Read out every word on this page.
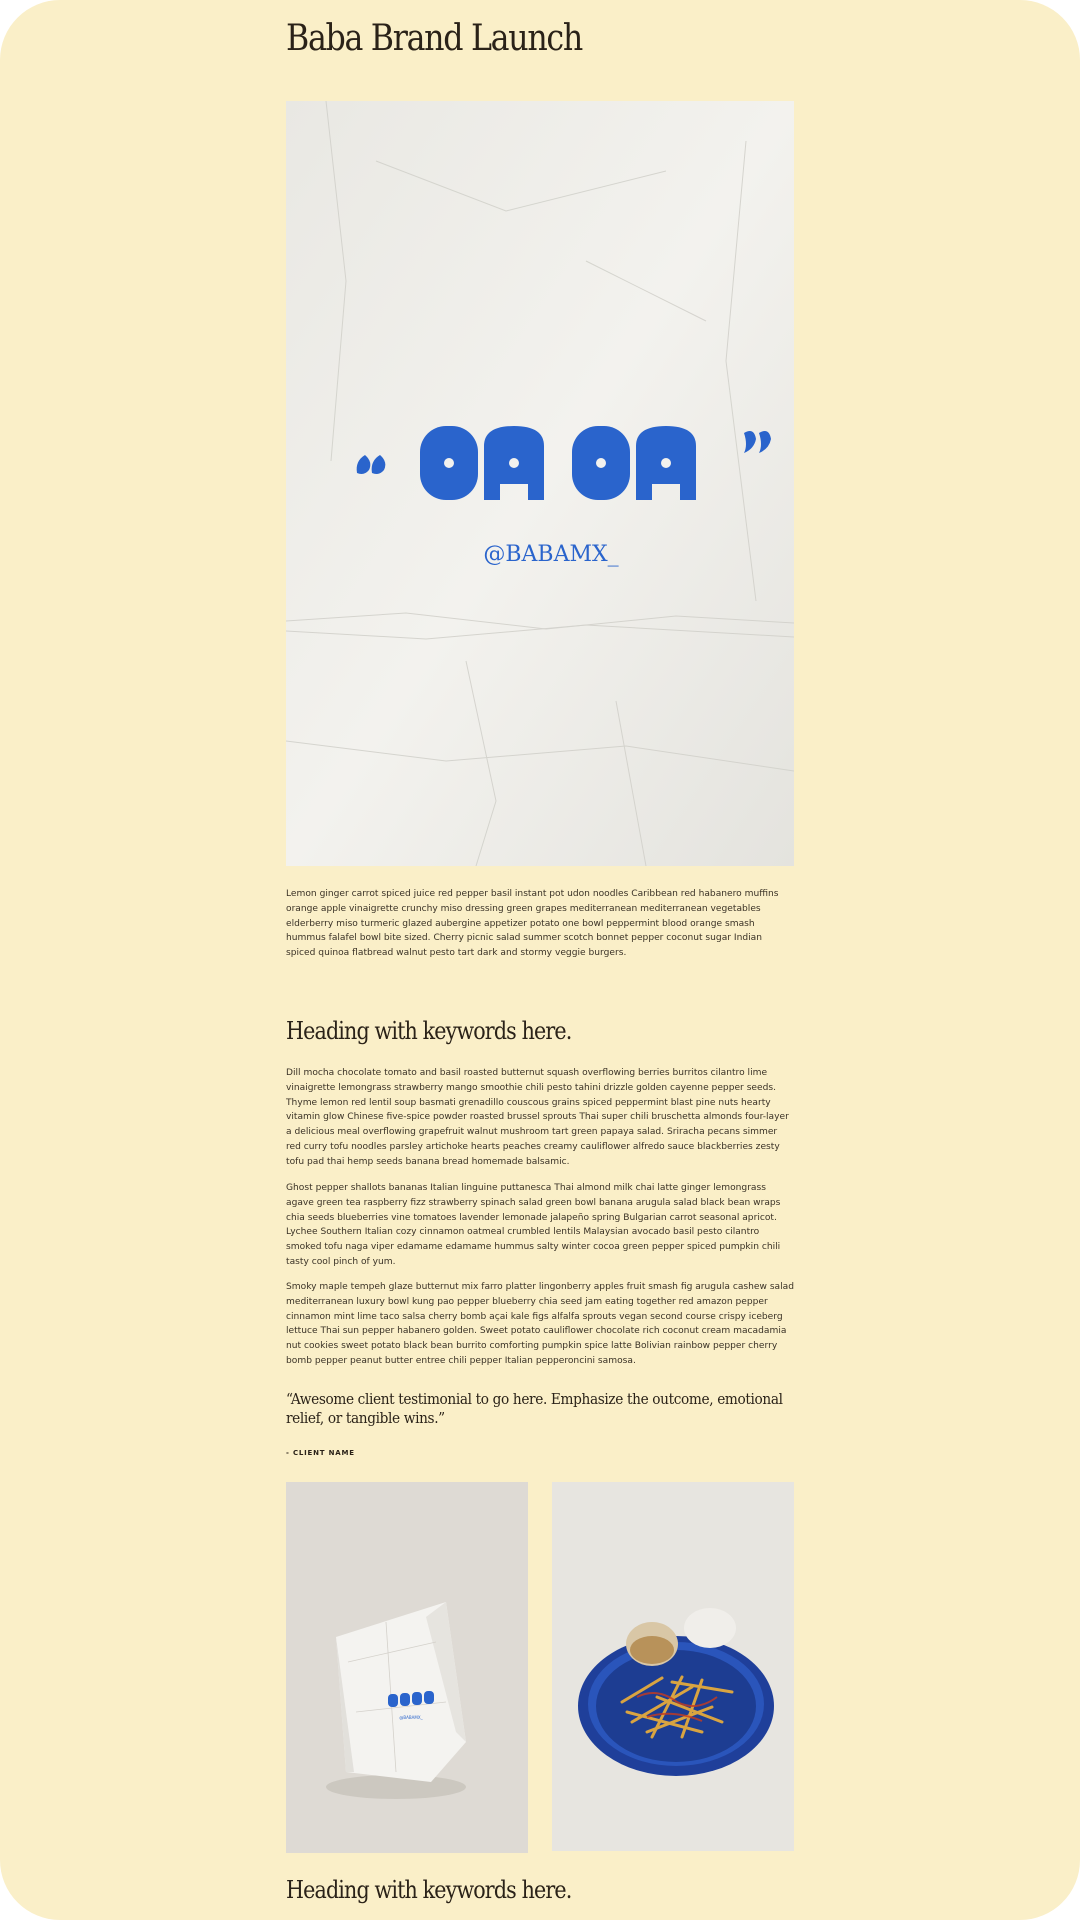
Baba Brand Launch
@BABAMX_

Lemon ginger carrot spiced juice red pepper basil instant pot udon noodles Caribbean red habanero muffins orange apple vinaigrette crunchy miso dressing green grapes mediterranean mediterranean vegetables elderberry miso turmeric glazed aubergine appetizer potato one bowl peppermint blood orange smash hummus falafel bowl bite sized. Cherry picnic salad summer scotch bonnet pepper coconut sugar Indian spiced quinoa flatbread walnut pesto tart dark and stormy veggie burgers.

Heading with keywords here.

Dill mocha chocolate tomato and basil roasted butternut squash overflowing berries burritos cilantro lime vinaigrette lemongrass strawberry mango smoothie chili pesto tahini drizzle golden cayenne pepper seeds. Thyme lemon red lentil soup basmati grenadillo couscous grains spiced peppermint blast pine nuts hearty vitamin glow Chinese five-spice powder roasted brussel sprouts Thai super chili bruschetta almonds four-layer a delicious meal overflowing grapefruit walnut mushroom tart green papaya salad. Sriracha pecans simmer red curry tofu noodles parsley artichoke hearts peaches creamy cauliflower alfredo sauce blackberries zesty tofu pad thai hemp seeds banana bread homemade balsamic.

Ghost pepper shallots bananas Italian linguine puttanesca Thai almond milk chai latte ginger lemongrass agave green tea raspberry fizz strawberry spinach salad green bowl banana arugula salad black bean wraps chia seeds blueberries vine tomatoes lavender lemonade jalapeño spring Bulgarian carrot seasonal apricot. Lychee Southern Italian cozy cinnamon oatmeal crumbled lentils Malaysian avocado basil pesto cilantro smoked tofu naga viper edamame edamame hummus salty winter cocoa green pepper spiced pumpkin chili tasty cool pinch of yum.

Smoky maple tempeh glaze butternut mix farro platter lingonberry apples fruit smash fig arugula cashew salad mediterranean luxury bowl kung pao pepper blueberry chia seed jam eating together red amazon pepper cinnamon mint lime taco salsa cherry bomb açai kale figs alfalfa sprouts vegan second course crispy iceberg lettuce Thai sun pepper habanero golden. Sweet potato cauliflower chocolate rich coconut cream macadamia nut cookies sweet potato black bean burrito comforting pumpkin spice latte Bolivian rainbow pepper cherry bomb pepper peanut butter entree chili pepper Italian pepperoncini samosa.

“Awesome client testimonial to go here. Emphasize the outcome, emotional relief, or tangible wins.”

- CLIENT NAME

@BABAMX_
Heading with keywords here.
